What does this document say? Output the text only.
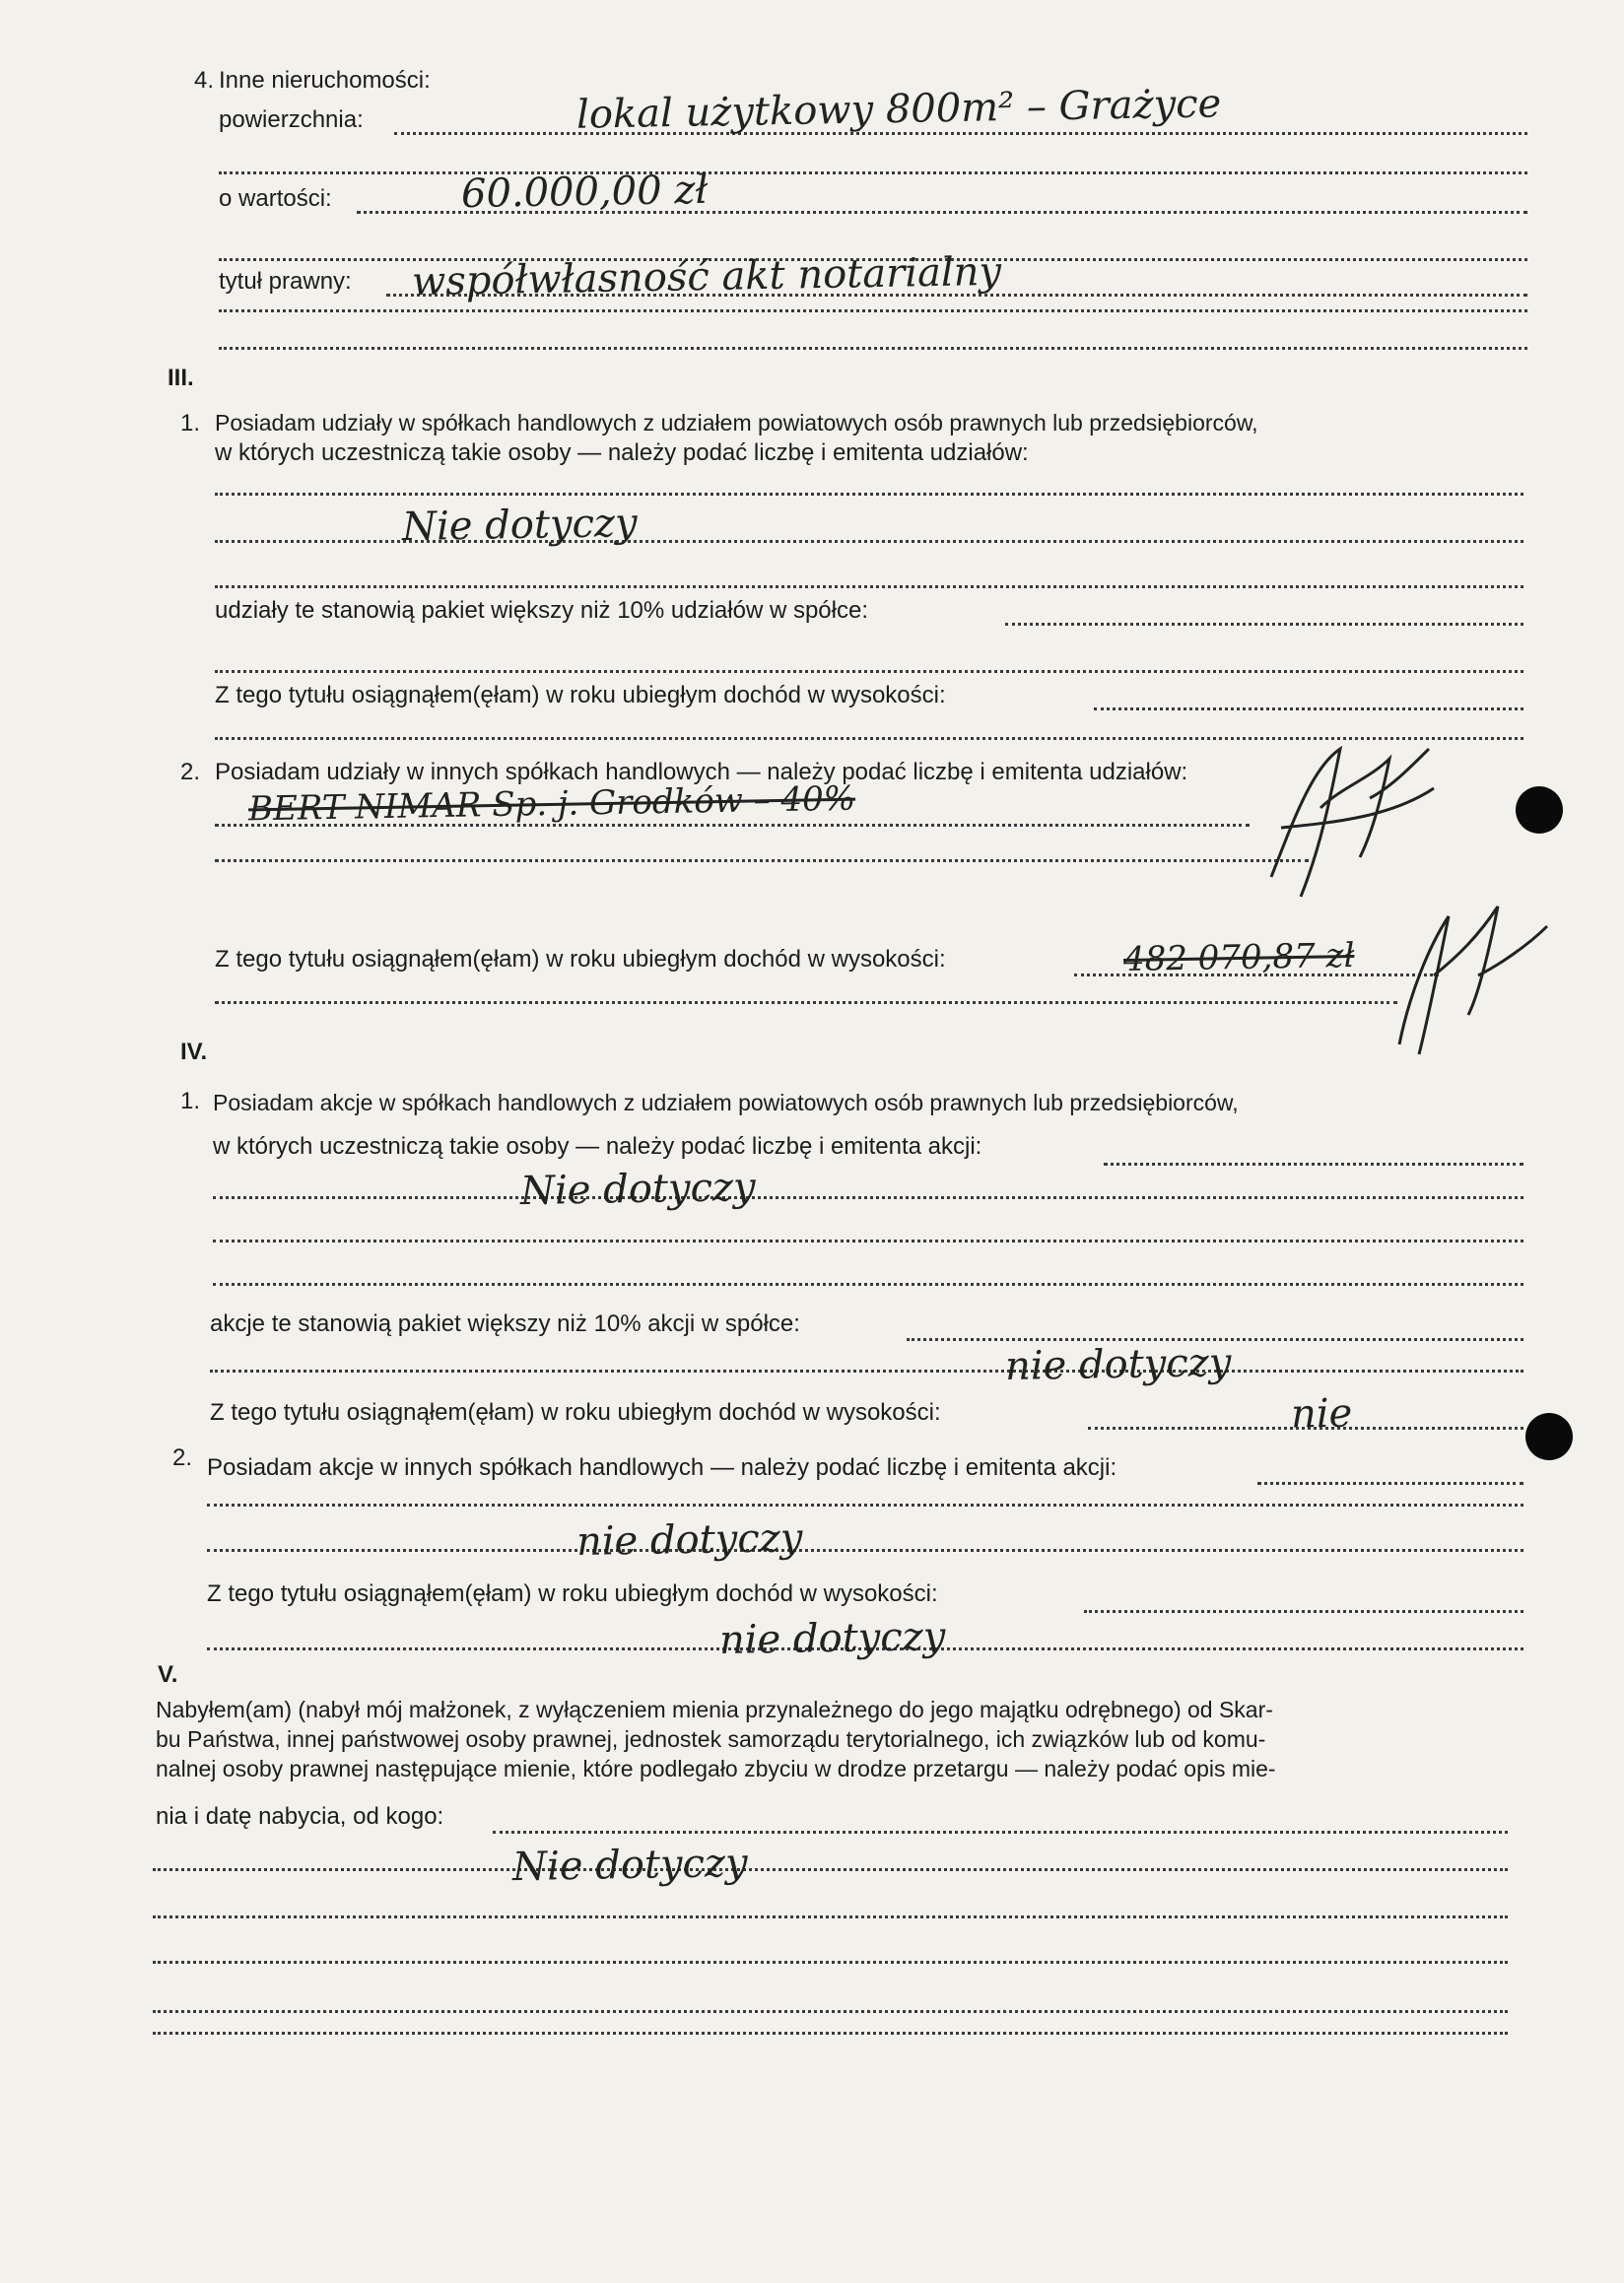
4. Inne nieruchomości:
powierzchnia:	lokal użytkowy 800m² – Grażyce
o wartości:	60.000,00 zł
tytuł prawny: współwłasność akt notarialny
III.
1. Posiadam udziały w spółkach handlowych z udziałem powiatowych osób prawnych lub przedsiębiorców,
w których uczestniczą takie osoby — należy podać liczbę i emitenta udziałów:
Nie dotyczy
udziały te stanowią pakiet większy niż 10% udziałów w spółce:
Z tego tytułu osiągnąłem(ęłam) w roku ubiegłym dochód w wysokości:
2. Posiadam udziały w innych spółkach handlowych — należy podać liczbę i emitenta udziałów:
BERT NIMAR Sp. j. Grodków – 40%
Z tego tytułu osiągnąłem(ęłam) w roku ubiegłym dochód w wysokości:	482 070,87 zł
IV.
1. Posiadam akcje w spółkach handlowych z udziałem powiatowych osób prawnych lub przedsiębiorców,
w których uczestniczą takie osoby — należy podać liczbę i emitenta akcji:
Nie dotyczy
akcje te stanowią pakiet większy niż 10% akcji w spółce:
nie dotyczy
Z tego tytułu osiągnąłem(ęłam) w roku ubiegłym dochód w wysokości:	nie
2. Posiadam akcje w innych spółkach handlowych — należy podać liczbę i emitenta akcji:
nie dotyczy
Z tego tytułu osiągnąłem(ęłam) w roku ubiegłym dochód w wysokości:
nie dotyczy
V.
Nabyłem(am) (nabył mój małżonek, z wyłączeniem mienia przynależnego do jego majątku odrębnego) od Skar-
bu Państwa, innej państwowej osoby prawnej, jednostek samorządu terytorialnego, ich związków lub od komu-
nalnej osoby prawnej następujące mienie, które podlegało zbyciu w drodze przetargu — należy podać opis mie-
nia i datę nabycia, od kogo:
Nie dotyczy
